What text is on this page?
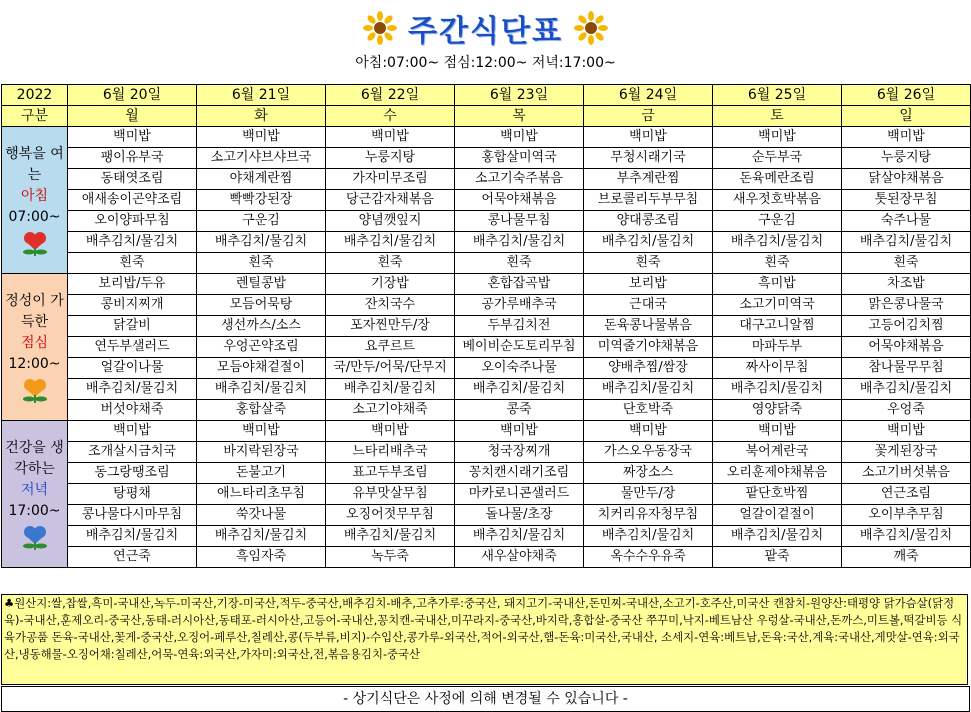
주간식단표
아침:07:00~ 점심:12:00~ 저녁:17:00~
2022	6월 20일	6월 21일	6월 22일	6월 23일	6월 24일	6월 25일	6월 26일
구분	월	화	수	목	금	토	일

행복을 여는
아침
07:00~	백미밥	백미밥	백미밥	백미밥	백미밥	백미밥	백미밥
	팽이유부국	소고기샤브샤브국	누룽지탕	홍합살미역국	무청시래기국	순두부국	누룽지탕
	동태엿조림	야채계란찜	가자미무조림	소고기숙주볶음	부추계란찜	돈육메란조림	닭살야채볶음
	애새송이곤약조림	빡빡강된장	당근감자채볶음	어묵야채볶음	브로콜리두부무침	새우젓호박볶음	톳된장무침
	오이양파무침	구운김	양념깻잎지	콩나물무침	양대콩조림	구운김	숙주나물
	배추김치/물김치	배추김치/물김치	배추김치/물김치	배추김치/물김치	배추김치/물김치	배추김치/물김치	배추김치/물김치
	흰죽	흰죽	흰죽	흰죽	흰죽	흰죽	흰죽

정성이 가득한
점심
12:00~	보리밥/두유	렌틸콩밥	기장밥	혼합잡곡밥	보리밥	흑미밥	차조밥
	콩비지찌개	모듬어묵탕	잔치국수	공가루배추국	근대국	소고기미역국	맑은콩나물국
	닭갈비	생선까스/소스	포자찐만두/장	두부김치전	돈육콩나물볶음	대구고니알찜	고등어김치찜
	연두부샐러드	우엉곤약조림	요쿠르트	베이비순도토리무침	미역줄기야채볶음	마파두부	어묵야채볶음
	얼갈이나물	모듬야채겉절이	국/만두/어묵/단무지	오이숙주나물	양배추찜/쌈장	짜사이무침	참나물무무침
	배추김치/물김치	배추김치/물김치	배추김치/물김치	배추김치/물김치	배추김치/물김치	배추김치/물김치	배추김치/물김치
	버섯야채죽	홍합살죽	소고기야채죽	콩죽	단호박죽	영양닭죽	우엉죽

건강을 생각하는
저녁
17:00~	백미밥	백미밥	백미밥	백미밥	백미밥	백미밥	백미밥
	조개살시금치국	바지락된장국	느타리배추국	청국장찌개	가스오우동장국	북어계란국	꽃게된장국
	동그랑땡조림	돈불고기	표고두부조림	꽁치캔시래기조림	짜장소스	오리훈제야채볶음	소고기버섯볶음
	탕평채	애느타리초무침	유부맛살무침	마카로니콘샐러드	물만두/장	팥단호박찜	연근조림
	콩나물다시마무침	쑥갓나물	오징어젓무무침	돌나물/초장	치커리유자청무침	얼갈이겉절이	오이부추무침
	배추김치/물김치	배추김치/물김치	배추김치/물김치	배추김치/물김치	배추김치/물김치	배추김치/물김치	배추김치/물김치
	연근죽	흑임자죽	녹두죽	새우살야채죽	옥수수우유죽	팥죽	깨죽
♣원산지:쌀,찹쌀,흑미-국내산,녹두-미국산,기장-미국산,적두-중국산,배추김치-배추,고추가루:중국산, 돼지고기-국내산,돈민찌-국내산,소고기-호주산,미국산 캔참치-원양산:태평양 닭가슴살(닭정육)-국내산,훈제오리-중국산,동태-러시아산,동태포-러시아산,고등어-국내산,꽁치캔-국내산,미꾸라지-중국산,바지락,홍합살-중국산 쭈꾸미,낙지-베트남산 우렁살-국내산,돈까스,미트볼,떡갈비등 식육가공품 돈육-국내산,꽃게-중국산,오징어-페루산,칠레산,콩(두부류,비지)-수입산,콩가루-외국산,적어-외국산,햄-돈육:미국산,국내산, 소세지-연육:베트남,돈육:국산,계육:국내산,게맛살-연육:외국산,냉동해물-오징어채:칠레산,어묵-연육:외국산,가자미:외국산,전,볶음용김치-중국산
- 상기식단은 사정에 의해 변경될 수 있습니다 -
